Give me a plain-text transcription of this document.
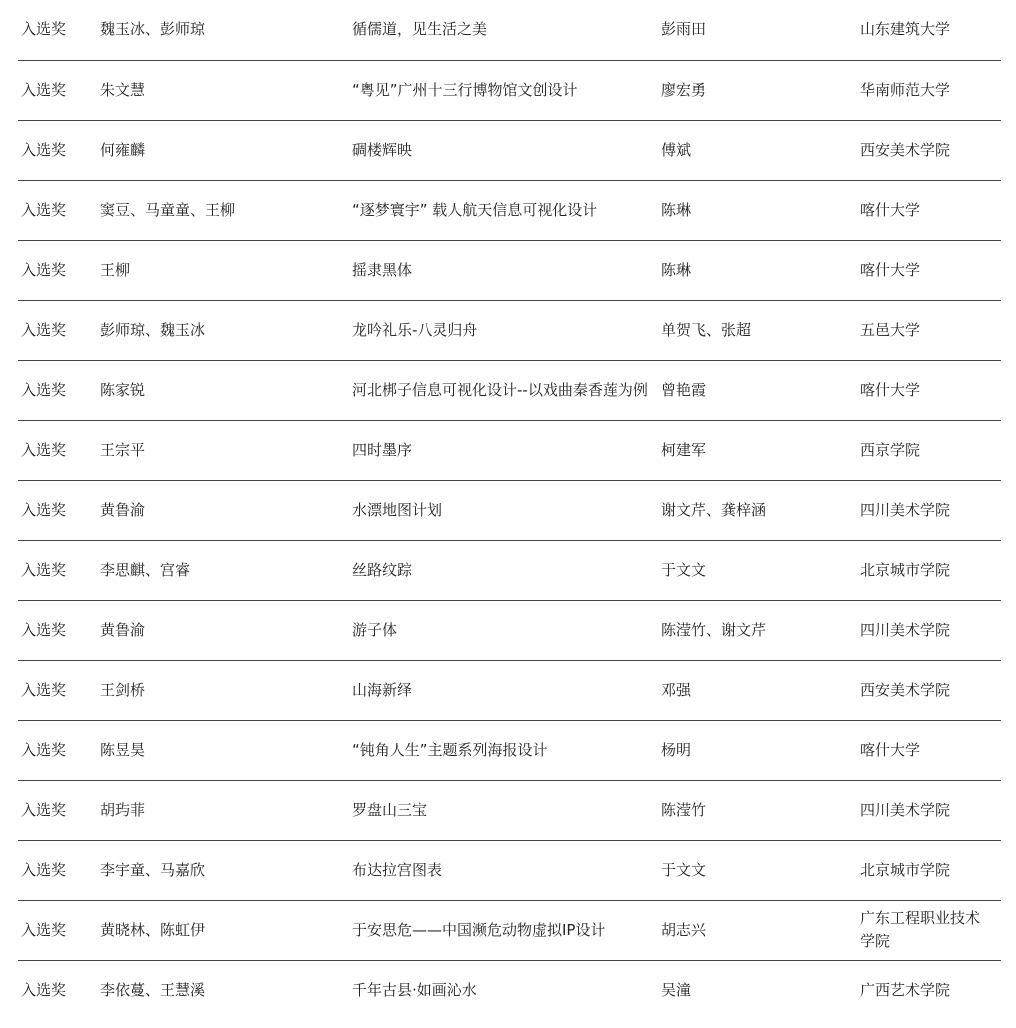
入选奖	魏玉冰、彭师琼	循儒道，见生活之美	彭雨田	山东建筑大学
入选奖	朱文慧	“粤见”广州十三行博物馆文创设计	廖宏勇	华南师范大学
入选奖	何雍麟	碉楼辉映	傅斌	西安美术学院
入选奖	窦豆、马童童、王柳	“逐梦寰宇” 载人航天信息可视化设计	陈琳	喀什大学
入选奖	王柳	摇隶黑体	陈琳	喀什大学
入选奖	彭师琼、魏玉冰	龙吟礼乐-八灵归舟	单贺飞、张超	五邑大学
入选奖	陈家锐	河北梆子信息可视化设计--以戏曲秦香莲为例	曾艳霞	喀什大学
入选奖	王宗平	四时墨序	柯建军	西京学院
入选奖	黄鲁渝	水漂地图计划	谢文芹、龚梓涵	四川美术学院
入选奖	李思麒、宫睿	丝路纹踪	于文文	北京城市学院
入选奖	黄鲁渝	游子体	陈滢竹、谢文芹	四川美术学院
入选奖	王剑桥	山海新绎	邓强	西安美术学院
入选奖	陈昱昊	“钝角人生”主题系列海报设计	杨明	喀什大学
入选奖	胡玙菲	罗盘山三宝	陈滢竹	四川美术学院
入选奖	李宇童、马嘉欣	布达拉宫图表	于文文	北京城市学院
入选奖	黄晓林、陈虹伊	于安思危——中国濒危动物虚拟IP设计	胡志兴	广东工程职业技术学院
入选奖	李依蔓、王慧溪	千年古县·如画沁水	吴潼	广西艺术学院
